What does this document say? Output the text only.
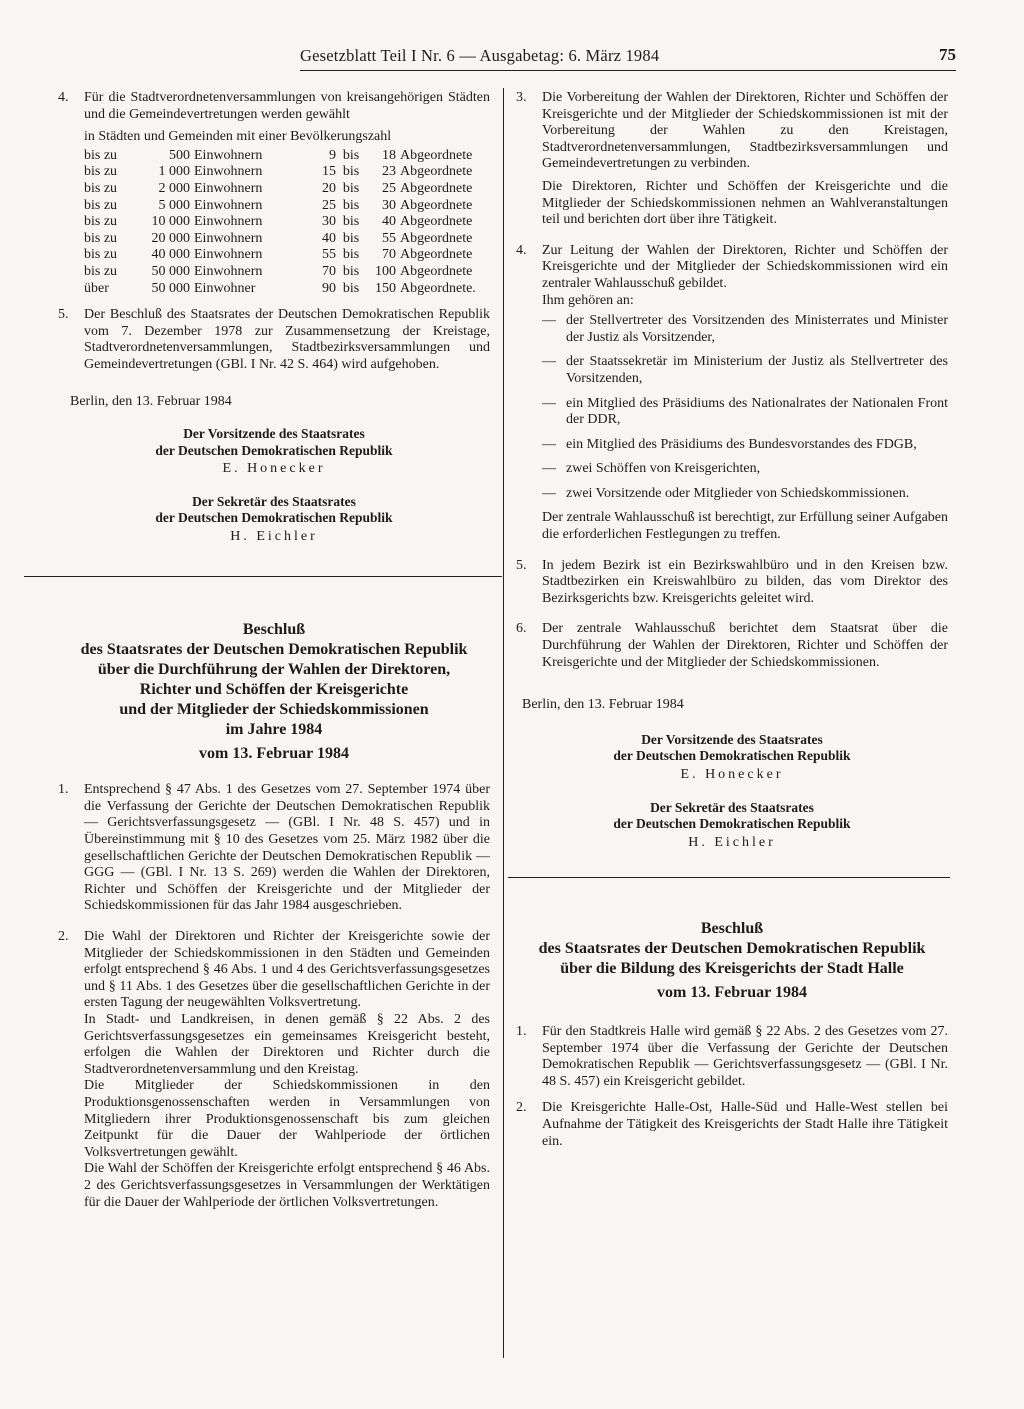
Gesetzblatt Teil I Nr. 6 — Ausgabetag: 6. März 1984	75
4. Für die Stadtverordnetenversammlungen von kreisangehörigen Städten und die Gemeindevertretungen werden gewählt

in Städten und Gemeinden mit einer Bevölkerungszahl

bis zu	500	Einwohnern	9	bis	18	Abgeordnete
bis zu	1 000	Einwohnern	15	bis	23	Abgeordnete
bis zu	2 000	Einwohnern	20	bis	25	Abgeordnete
bis zu	5 000	Einwohnern	25	bis	30	Abgeordnete
bis zu	10 000	Einwohnern	30	bis	40	Abgeordnete
bis zu	20 000	Einwohnern	40	bis	55	Abgeordnete
bis zu	40 000	Einwohnern	55	bis	70	Abgeordnete
bis zu	50 000	Einwohnern	70	bis	100	Abgeordnete
über	50 000	Einwohner	90	bis	150	Abgeordnete.
5. Der Beschluß des Staatsrates der Deutschen Demokratischen Republik vom 7. Dezember 1978 zur Zusammensetzung der Kreistage, Stadtverordnetenversammlungen, Stadtbezirksversammlungen und Gemeindevertretungen (GBl. I Nr. 42 S. 464) wird aufgehoben.

Berlin, den 13. Februar 1984

Der Vorsitzende des Staatsrates
der Deutschen Demokratischen Republik
E. Honecker
Der Sekretär des Staatsrates
der Deutschen Demokratischen Republik
H. Eichler
Beschluß
des Staatsrates der Deutschen Demokratischen Republik
über die Durchführung der Wahlen der Direktoren,
Richter und Schöffen der Kreisgerichte
und der Mitglieder der Schiedskommissionen
im Jahre 1984
vom 13. Februar 1984
1. Entsprechend § 47 Abs. 1 des Gesetzes vom 27. September 1974 über die Verfassung der Gerichte der Deutschen Demokratischen Republik — Gerichtsverfassungsgesetz — (GBl. I Nr. 48 S. 457) und in Übereinstimmung mit § 10 des Gesetzes vom 25. März 1982 über die gesellschaftlichen Gerichte der Deutschen Demokratischen Republik — GGG — (GBl. I Nr. 13 S. 269) werden die Wahlen der Direktoren, Richter und Schöffen der Kreisgerichte und der Mitglieder der Schiedskommissionen für das Jahr 1984 ausgeschrieben.

2. Die Wahl der Direktoren und Richter der Kreisgerichte sowie der Mitglieder der Schiedskommissionen in den Städten und Gemeinden erfolgt entsprechend § 46 Abs. 1 und 4 des Gerichtsverfassungsgesetzes und § 11 Abs. 1 des Gesetzes über die gesellschaftlichen Gerichte in der ersten Tagung der neugewählten Volksvertretung.

In Stadt- und Landkreisen, in denen gemäß § 22 Abs. 2 des Gerichtsverfassungsgesetzes ein gemeinsames Kreisgericht besteht, erfolgen die Wahlen der Direktoren und Richter durch die Stadtverordnetenversammlung und den Kreistag.

Die Mitglieder der Schiedskommissionen in den Produktionsgenossenschaften werden in Versammlungen von Mitgliedern ihrer Produktionsgenossenschaft bis zum gleichen Zeitpunkt für die Dauer der Wahlperiode der örtlichen Volksvertretungen gewählt.

Die Wahl der Schöffen der Kreisgerichte erfolgt entsprechend § 46 Abs. 2 des Gerichtsverfassungsgesetzes in Versammlungen der Werktätigen für die Dauer der Wahlperiode der örtlichen Volksvertretungen.

3. Die Vorbereitung der Wahlen der Direktoren, Richter und Schöffen der Kreisgerichte und der Mitglieder der Schiedskommissionen ist mit der Vorbereitung der Wahlen zu den Kreistagen, Stadtverordnetenversammlungen, Stadtbezirksversammlungen und Gemeindevertretungen zu verbinden.

Die Direktoren, Richter und Schöffen der Kreisgerichte und die Mitglieder der Schiedskommissionen nehmen an Wahlveranstaltungen teil und berichten dort über ihre Tätigkeit.

4. Zur Leitung der Wahlen der Direktoren, Richter und Schöffen der Kreisgerichte und der Mitglieder der Schiedskommissionen wird ein zentraler Wahlausschuß gebildet.

Ihm gehören an:

— der Stellvertreter des Vorsitzenden des Ministerrates und Minister der Justiz als Vorsitzender,
— der Staatssekretär im Ministerium der Justiz als Stellvertreter des Vorsitzenden,
— ein Mitglied des Präsidiums des Nationalrates der Nationalen Front der DDR,
— ein Mitglied des Präsidiums des Bundesvorstandes des FDGB,
— zwei Schöffen von Kreisgerichten,
— zwei Vorsitzende oder Mitglieder von Schiedskommissionen.

Der zentrale Wahlausschuß ist berechtigt, zur Erfüllung seiner Aufgaben die erforderlichen Festlegungen zu treffen.

5. In jedem Bezirk ist ein Bezirkswahlbüro und in den Kreisen bzw. Stadtbezirken ein Kreiswahlbüro zu bilden, das vom Direktor des Bezirksgerichts bzw. Kreisgerichts geleitet wird.

6. Der zentrale Wahlausschuß berichtet dem Staatsrat über die Durchführung der Wahlen der Direktoren, Richter und Schöffen der Kreisgerichte und der Mitglieder der Schiedskommissionen.

Berlin, den 13. Februar 1984

Der Vorsitzende des Staatsrates
der Deutschen Demokratischen Republik
E. Honecker
Der Sekretär des Staatsrates
der Deutschen Demokratischen Republik
H. Eichler
Beschluß
des Staatsrates der Deutschen Demokratischen Republik
über die Bildung des Kreisgerichts der Stadt Halle
vom 13. Februar 1984
1. Für den Stadtkreis Halle wird gemäß § 22 Abs. 2 des Gesetzes vom 27. September 1974 über die Verfassung der Gerichte der Deutschen Demokratischen Republik — Gerichtsverfassungsgesetz — (GBl. I Nr. 48 S. 457) ein Kreisgericht gebildet.

2. Die Kreisgerichte Halle-Ost, Halle-Süd und Halle-West stellen bei Aufnahme der Tätigkeit des Kreisgerichts der Stadt Halle ihre Tätigkeit ein.
